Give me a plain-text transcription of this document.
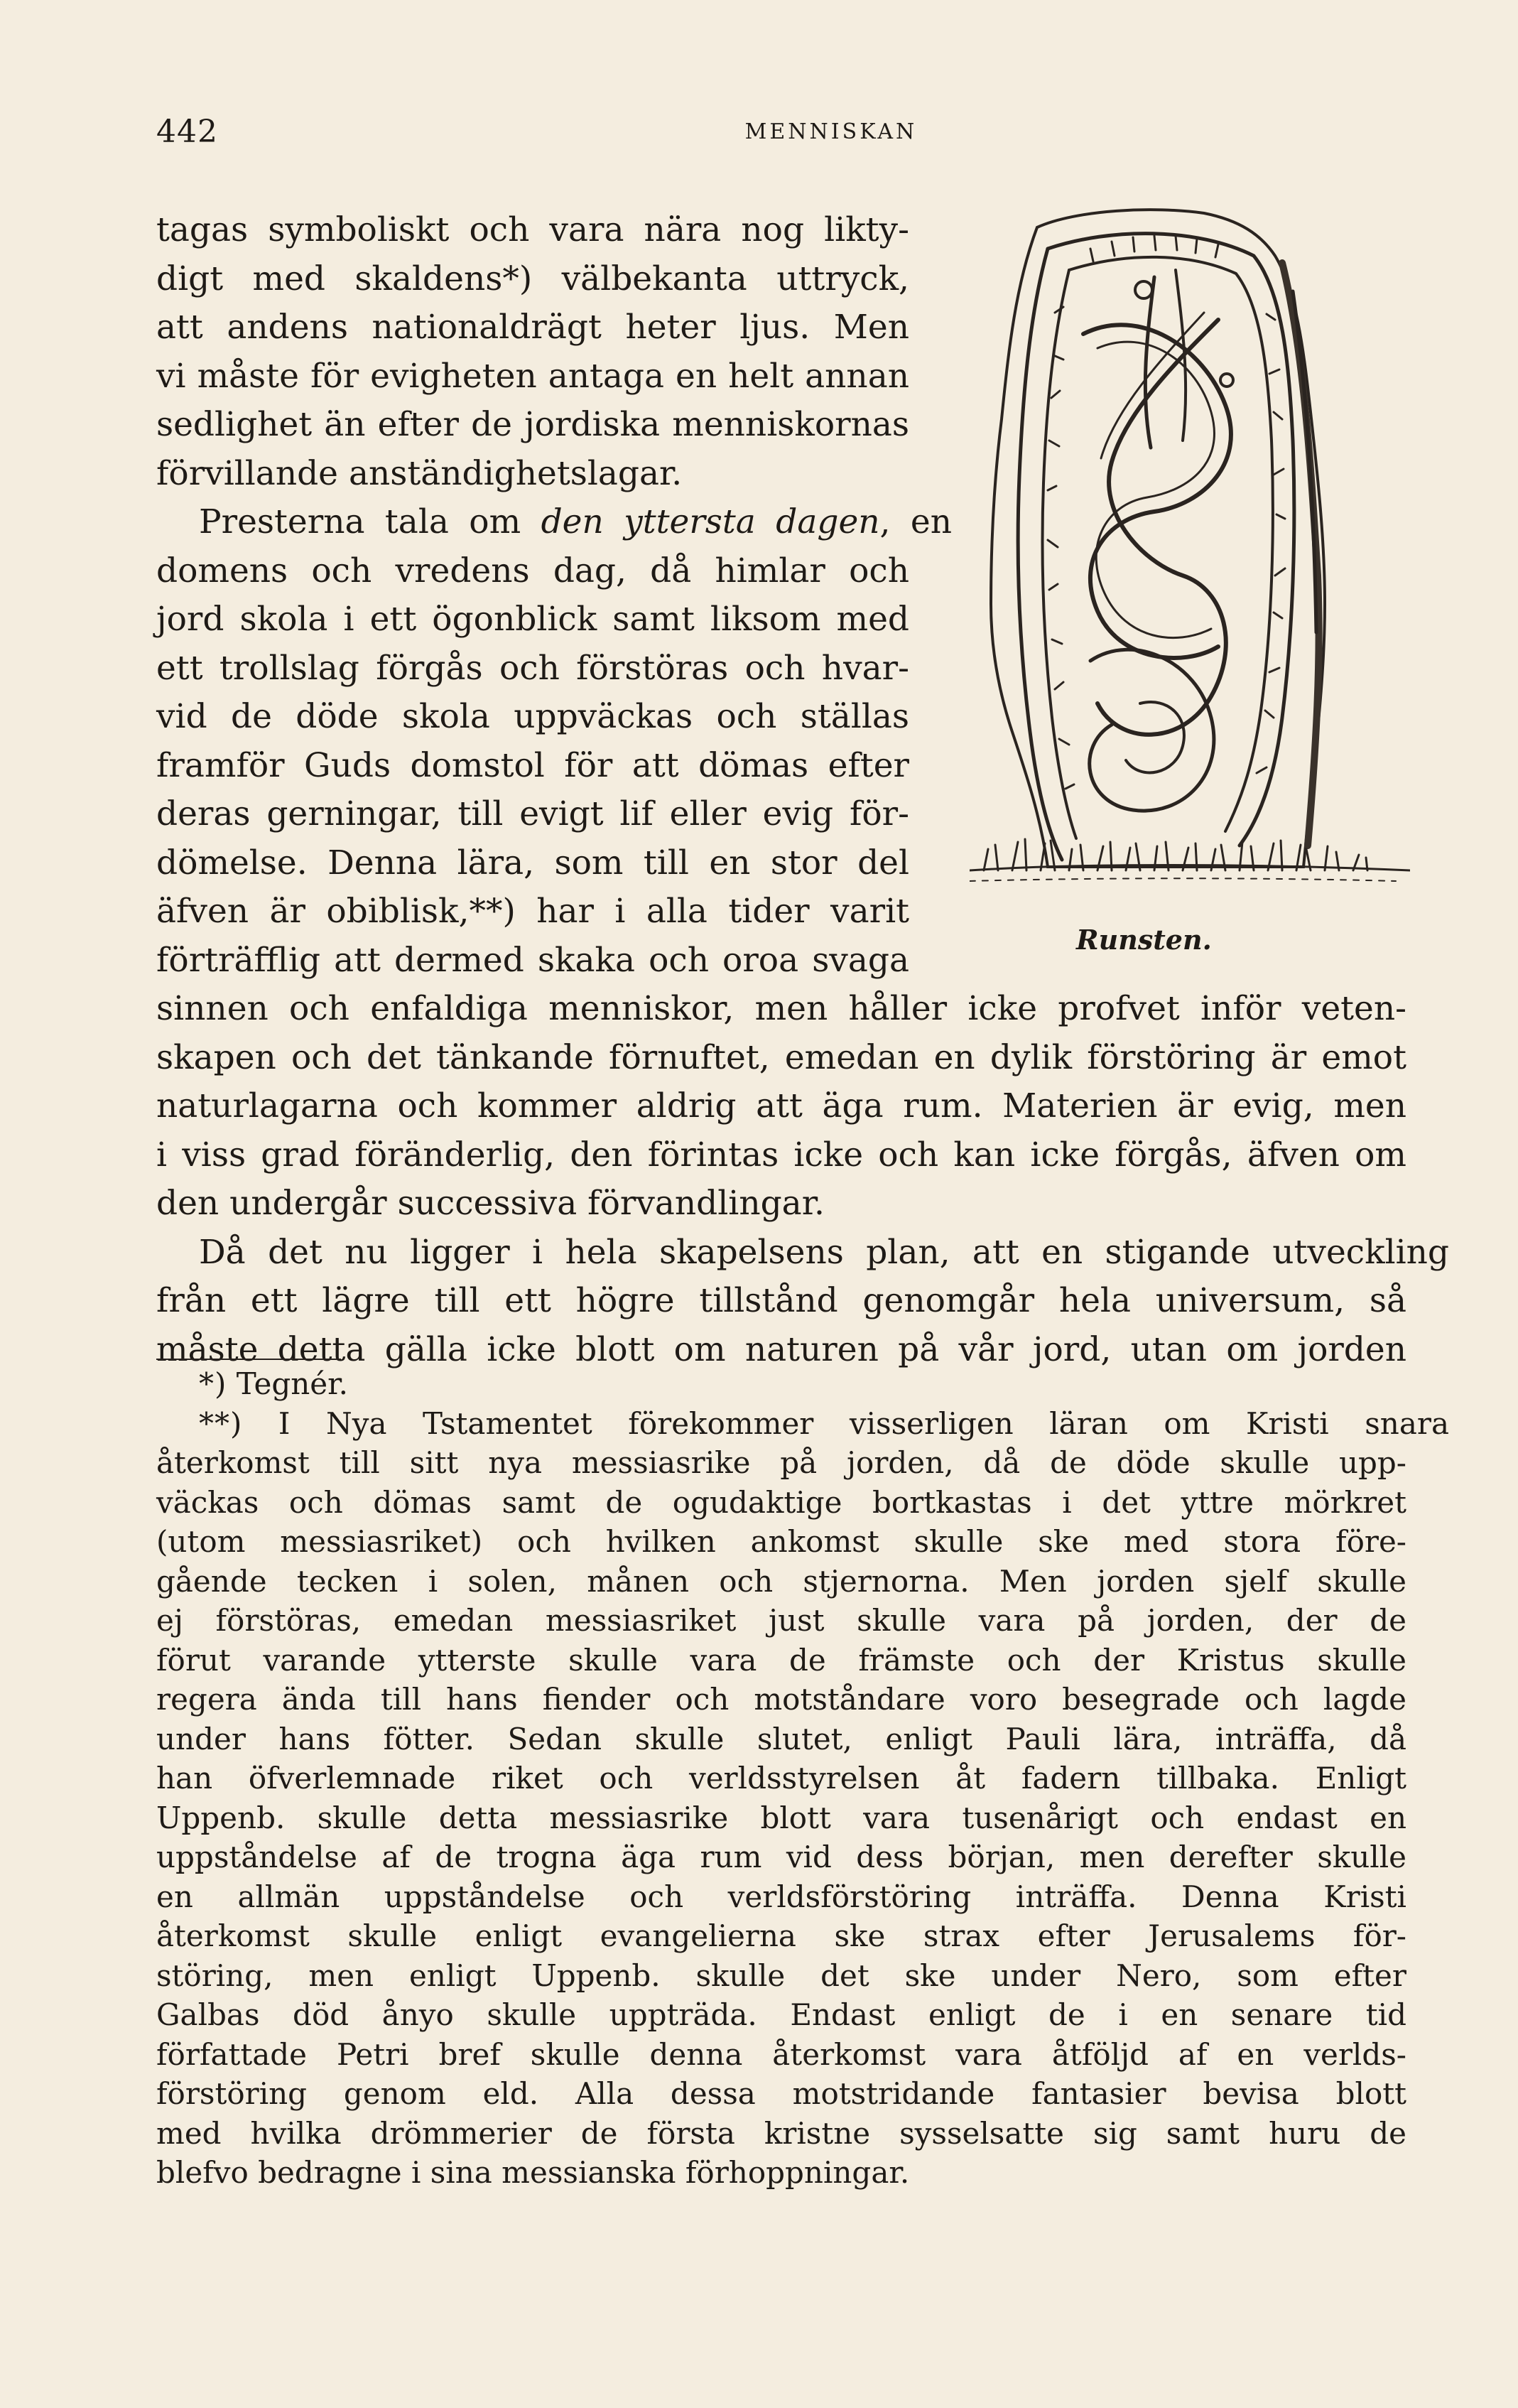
442	MENNISKAN
Runsten.

tagas symboliskt och vara nära nog likty-
digt med skaldens*) välbekanta uttryck,
att andens nationaldrägt heter ljus. Men
vi måste för evigheten antaga en helt annan
sedlighet än efter de jordiska menniskornas
förvillande anständighetslagar.

Presterna tala om den yttersta dagen, en
domens och vredens dag, då himlar och
jord skola i ett ögonblick samt liksom med
ett trollslag förgås och förstöras och hvar-
vid de döde skola uppväckas och ställas
framför Guds domstol för att dömas efter
deras gerningar, till evigt lif eller evig för-
dömelse. Denna lära, som till en stor del
äfven är obiblisk,**) har i alla tider varit
förträfflig att dermed skaka och oroa svaga
sinnen och enfaldiga menniskor, men håller icke profvet inför veten-
skapen och det tänkande förnuftet, emedan en dylik förstöring är emot
naturlagarna och kommer aldrig att äga rum. Materien är evig, men
i viss grad föränderlig, den förintas icke och kan icke förgås, äfven om
den undergår successiva förvandlingar.

Då det nu ligger i hela skapelsens plan, att en stigande utveckling
från ett lägre till ett högre tillstånd genomgår hela universum, så
måste detta gälla icke blott om naturen på vår jord, utan om jorden

*) Tegnér.
**) I Nya Tstamentet förekommer visserligen läran om Kristi snara
återkomst till sitt nya messiasrike på jorden, då de döde skulle upp-
väckas och dömas samt de ogudaktige bortkastas i det yttre mörkret
(utom messiasriket) och hvilken ankomst skulle ske med stora före-
gående tecken i solen, månen och stjernorna. Men jorden sjelf skulle
ej förstöras, emedan messiasriket just skulle vara på jorden, der de
förut varande ytterste skulle vara de främste och der Kristus skulle
regera ända till hans fiender och motståndare voro besegrade och lagde
under hans fötter. Sedan skulle slutet, enligt Pauli lära, inträffa, då
han öfverlemnade riket och verldsstyrelsen åt fadern tillbaka. Enligt
Uppenb. skulle detta messiasrike blott vara tusenårigt och endast en
uppståndelse af de trogna äga rum vid dess början, men derefter skulle
en allmän uppståndelse och verldsförstöring inträffa. Denna Kristi
återkomst skulle enligt evangelierna ske strax efter Jerusalems för-
störing, men enligt Uppenb. skulle det ske under Nero, som efter
Galbas död ånyo skulle uppträda. Endast enligt de i en senare tid
författade Petri bref skulle denna återkomst vara åtföljd af en verlds-
förstöring genom eld. Alla dessa motstridande fantasier bevisa blott
med hvilka drömmerier de första kristne sysselsatte sig samt huru de
blefvo bedragne i sina messianska förhoppningar.
